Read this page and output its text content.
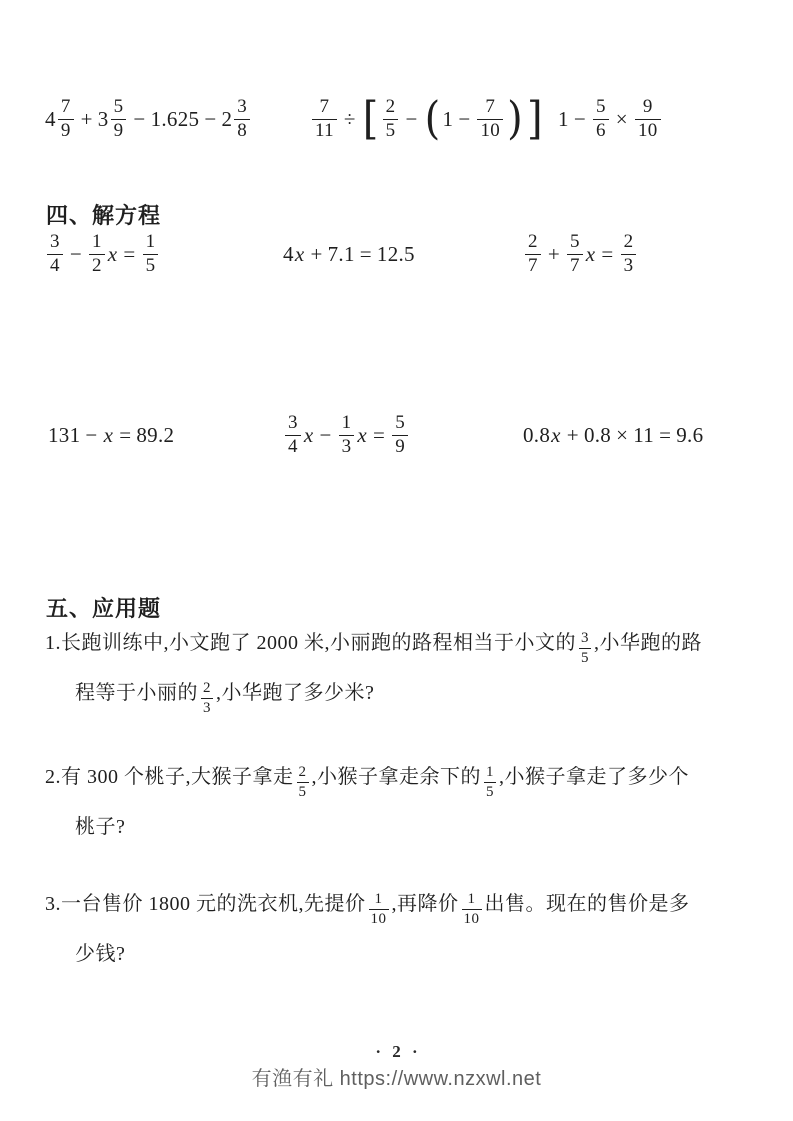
$4 \frac{7}{9} + 3 \frac{5}{9} - 1.625 - 2 \frac{3}{8}$	$\frac{7}{11}$ ÷ [ $\frac{2}{5}$ − ( $1 - \frac{7}{10}$ ) ] $1 - \frac{5}{6} \times \frac{9}{10}$
四、解方程
$\frac{3}{4} - \frac{1}{2}$ $x = \frac{1}{5}$	4 x + 7.1 = 12.5	$\frac{2}{7} + \frac{5}{7}$ $x = \frac{2}{3}$
131 − x = 89.2	$\frac{3}{4}$ $x - \frac{1}{3}$ $x = \frac{5}{9}$	0.8 x + 0.8 × 11 = 9.6
五、应用题

1.长跑训练中,小文跑了 2000 米,小丽跑的路程相当于小文的 $\frac{3}{5}$ ,小华跑的路
程等于小丽的 $\frac{2}{3}$ ,小华跑了多少米?

2.有 300 个桃子,大猴子拿走 $\frac{2}{5}$ ,小猴子拿走余下的 $\frac{1}{5}$ ,小猴子拿走了多少个
桃子?

3.一台售价 1800 元的洗衣机,先提价 $\frac{1}{10}$ ,再降价 $\frac{1}{10}$ 出售。现在的售价是多
少钱?

· 2 ·
有渔有礼 https://www.nzxwl.net
